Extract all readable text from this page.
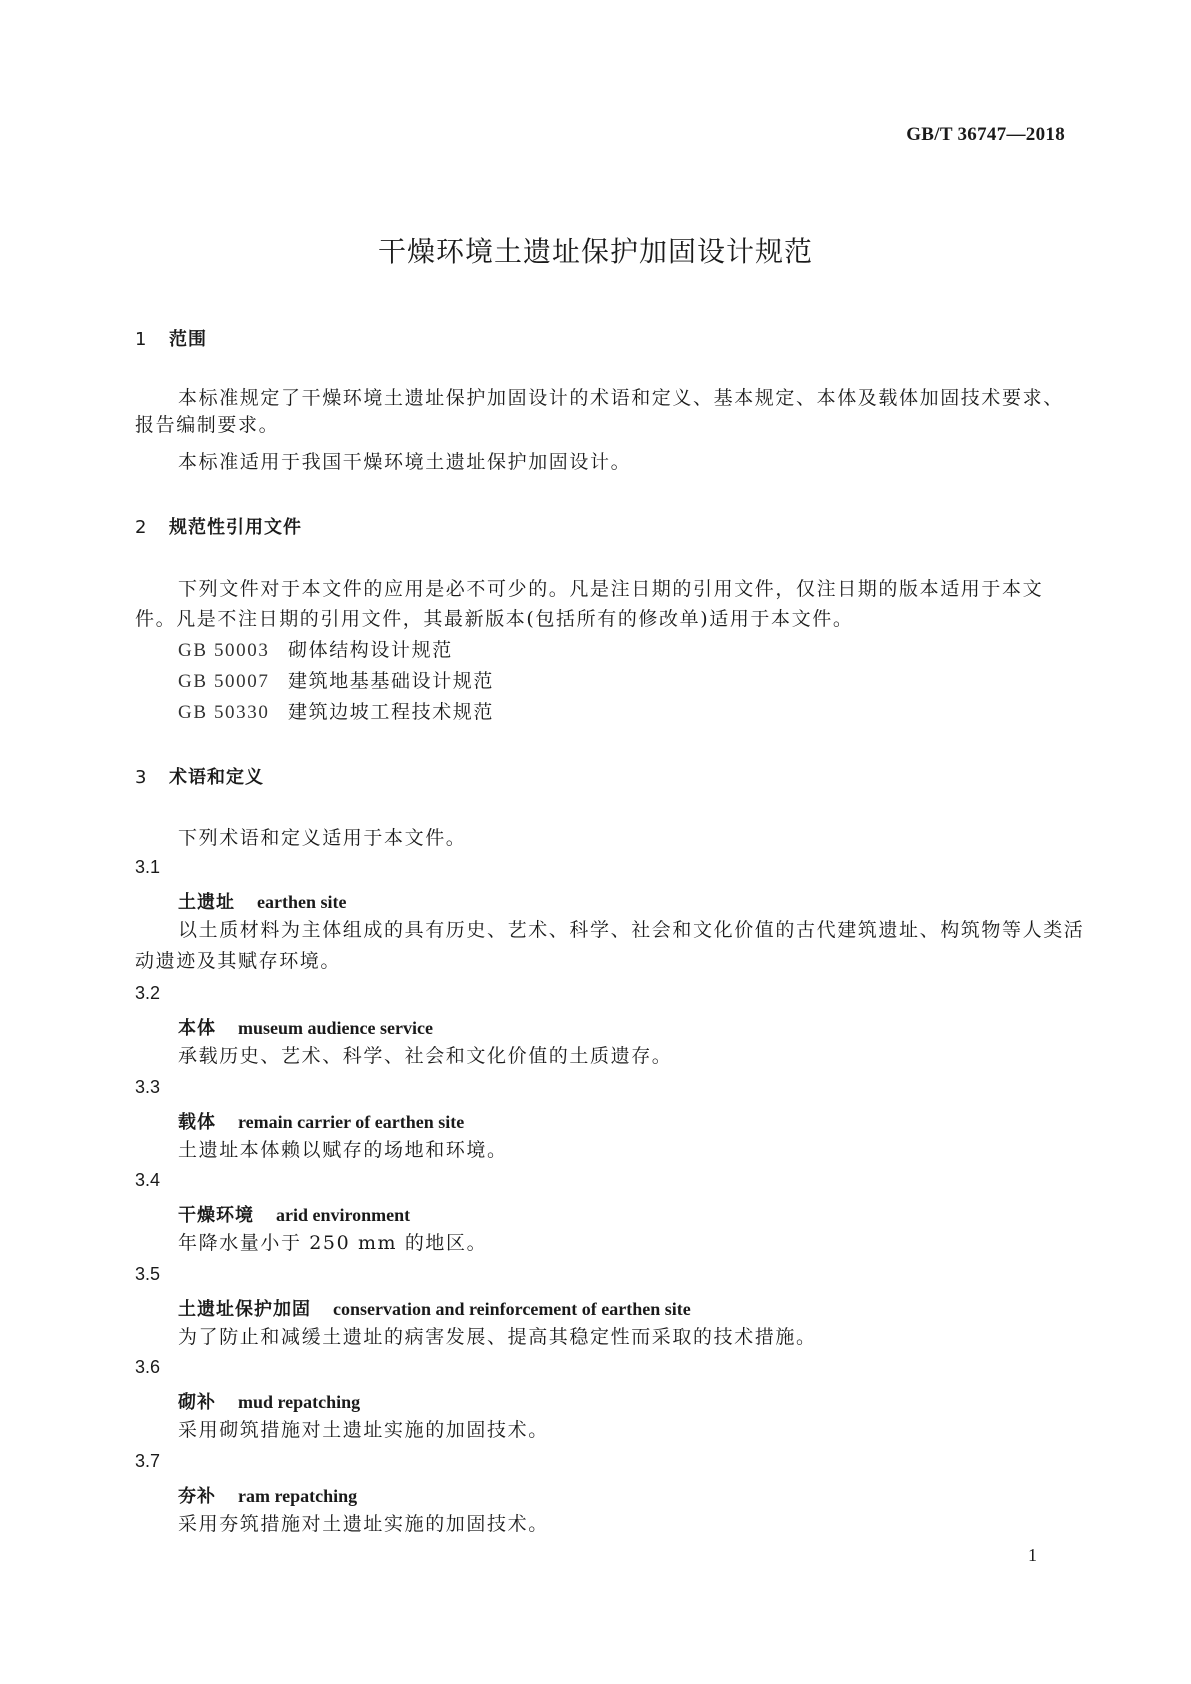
GB/T 36747—2018
干燥环境土遗址保护加固设计规范
1 范围
本标准规定了干燥环境土遗址保护加固设计的术语和定义、基本规定、本体及载体加固技术要求、
报告编制要求。
本标准适用于我国干燥环境土遗址保护加固设计。
2 规范性引用文件
下列文件对于本文件的应用是必不可少的。凡是注日期的引用文件，仅注日期的版本适用于本文
件。凡是不注日期的引用文件，其最新版本(包括所有的修改单)适用于本文件。
GB 50003 砌体结构设计规范
GB 50007 建筑地基基础设计规范
GB 50330 建筑边坡工程技术规范
3 术语和定义
下列术语和定义适用于本文件。
3.1
土遗址 earthen site
以土质材料为主体组成的具有历史、艺术、科学、社会和文化价值的古代建筑遗址、构筑物等人类活
动遗迹及其赋存环境。
3.2
本体 museum audience service
承载历史、艺术、科学、社会和文化价值的土质遗存。
3.3
载体 remain carrier of earthen site
土遗址本体赖以赋存的场地和环境。
3.4
干燥环境 arid environment
年降水量小于 250 mm 的地区。
3.5
土遗址保护加固 conservation and reinforcement of earthen site
为了防止和减缓土遗址的病害发展、提高其稳定性而采取的技术措施。
3.6
砌补 mud repatching
采用砌筑措施对土遗址实施的加固技术。
3.7
夯补 ram repatching
采用夯筑措施对土遗址实施的加固技术。
1
